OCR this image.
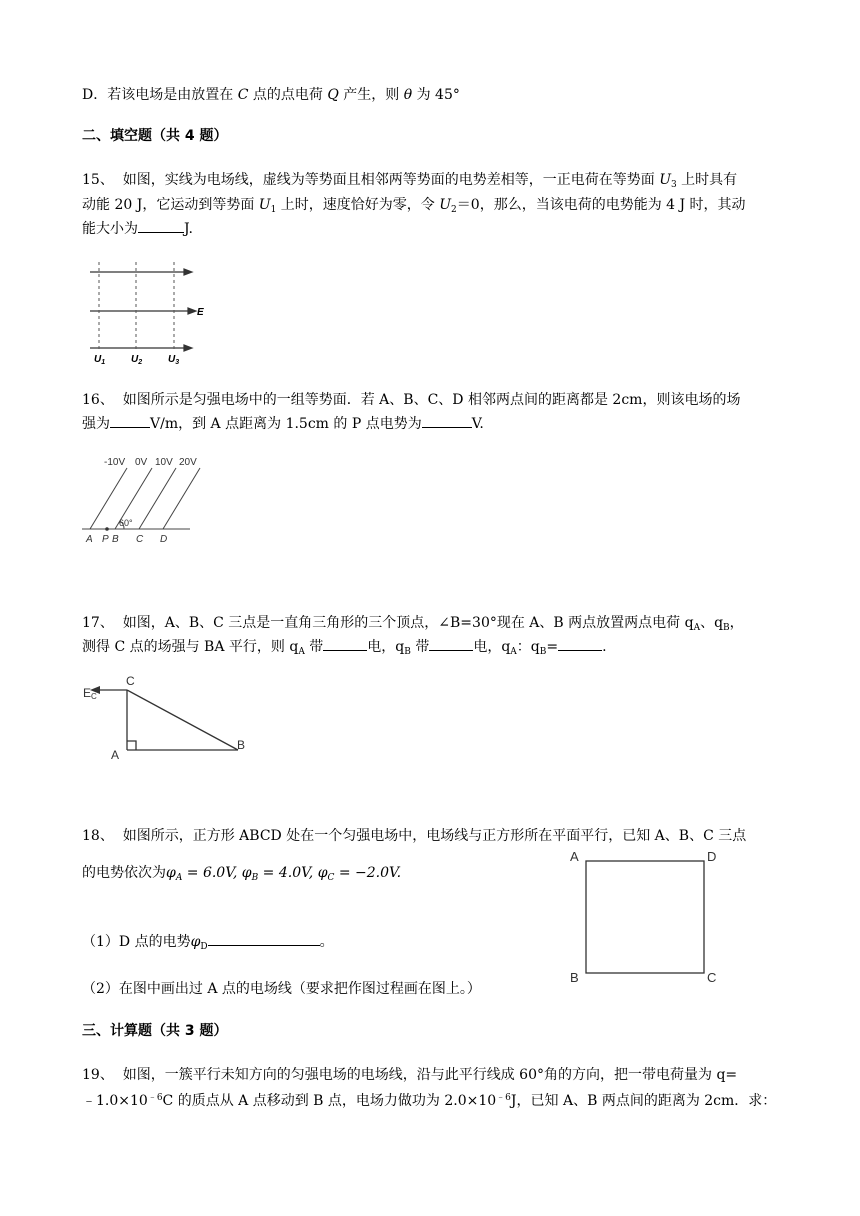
D．若该电场是由放置在 C 点的点电荷 Q 产生，则 θ 为 45°
二、填空题（共 4 题）
15、 如图，实线为电场线，虚线为等势面且相邻两等势面的电势差相等，一正电荷在等势面 $U_3$ 上时具有
动能 20 J，它运动到等势面 $U_1$ 上时，速度恰好为零，令 $U_2=0$，那么，当该电荷的电势能为 4 J 时，其动
能大小为	J.
E
$U_1$	$U_2$	$U_3$
16、 如图所示是匀强电场中的一组等势面．若 A、B、C、D 相邻两点间的距离都是 2cm，则该电场的场
强为	V/m，到 A 点距离为 1.5cm 的 P 点电势为	V.
-10V 0V 10V 20V
60°
A P B C D
17、 如图，A、B、C 三点是一直角三角形的三个顶点，∠B=30°现在 A、B 两点放置两点电荷 $q_A$、$q_B$，
测得 C 点的场强与 BA 平行，则 $q_A$ 带	电，$q_B$ 带	电，$q_A$：$q_B=$	.
EC
C
A
B
18、 如图所示，正方形 ABCD 处在一个匀强电场中，电场线与正方形所在平面平行，已知 A、B、C 三点
的电势依次为$\varphi_A = 6.0V$, $\varphi_B = 4.0V$, $\varphi_C = -2.0V$.
（1）D 点的电势$\varphi_D$	。
（2）在图中画出过 A 点的电场线（要求把作图过程画在图上。）
A	D
B	C
三、计算题（共 3 题）
19、 如图，一簇平行未知方向的匀强电场的电场线，沿与此平行线成 60°角的方向，把一带电荷量为 q=
$﹣1.0\times 10^{﹣6}C$ 的质点从 A 点移动到 B 点，电场力做功为 $2.0\times 10^{﹣6}J$，已知 A、B 两点间的距离为 2cm．求：
